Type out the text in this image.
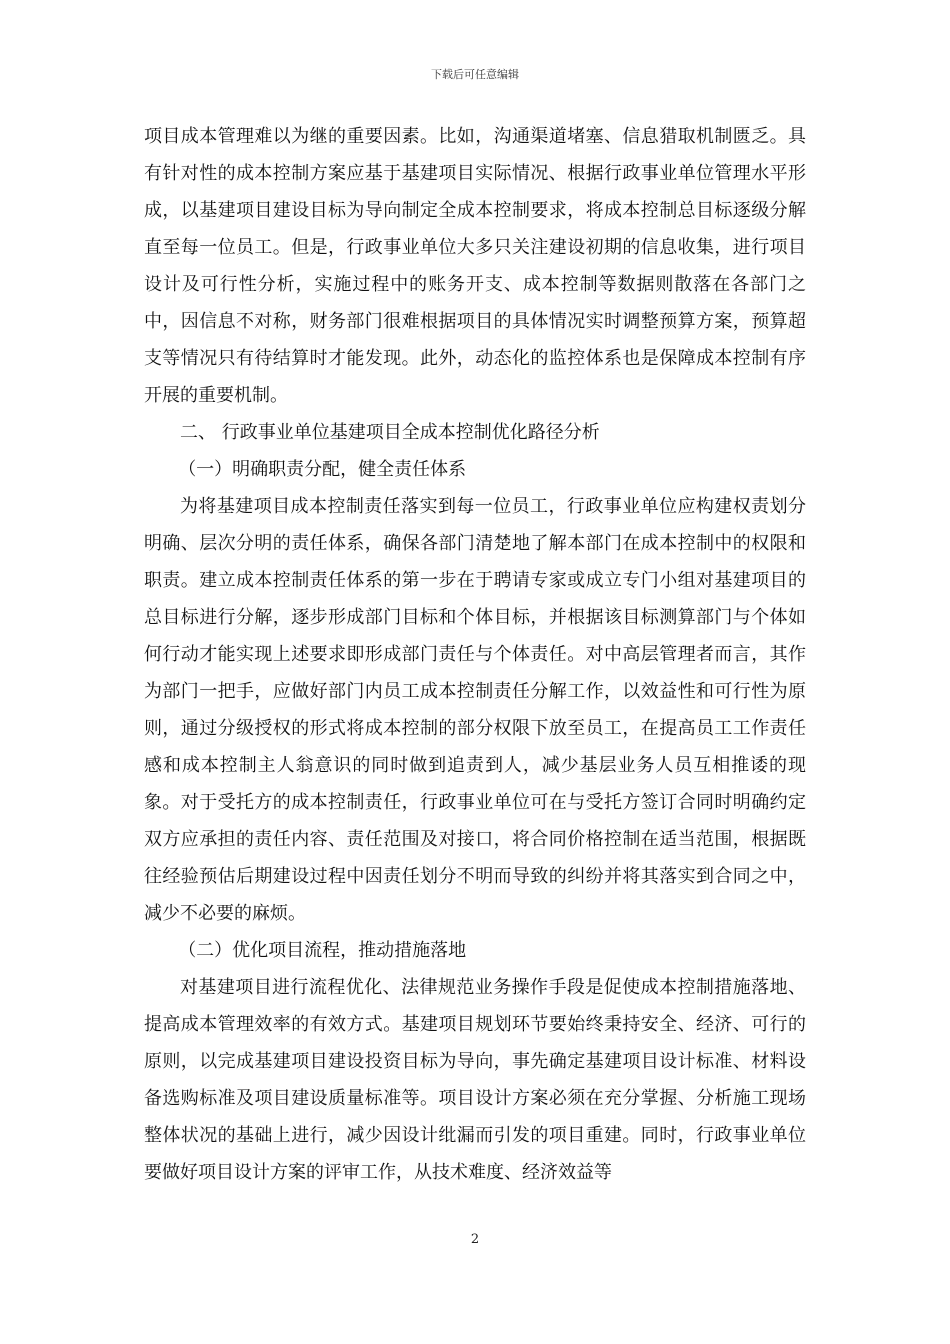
下载后可任意编辑

项目成本管理难以为继的重要因素。比如，沟通渠道堵塞、信息猎取机制匮乏。具有针对性的成本控制方案应基于基建项目实际情况、根据行政事业单位管理水平形成，以基建项目建设目标为导向制定全成本控制要求，将成本控制总目标逐级分解直至每一位员工。但是，行政事业单位大多只关注建设初期的信息收集，进行项目设计及可行性分析，实施过程中的账务开支、成本控制等数据则散落在各部门之中，因信息不对称，财务部门很难根据项目的具体情况实时调整预算方案，预算超支等情况只有待结算时才能发现。此外，动态化的监控体系也是保障成本控制有序开展的重要机制。

二、 行政事业单位基建项目全成本控制优化路径分析

（一）明确职责分配，健全责任体系

为将基建项目成本控制责任落实到每一位员工，行政事业单位应构建权责划分明确、层次分明的责任体系，确保各部门清楚地了解本部门在成本控制中的权限和职责。建立成本控制责任体系的第一步在于聘请专家或成立专门小组对基建项目的总目标进行分解，逐步形成部门目标和个体目标，并根据该目标测算部门与个体如何行动才能实现上述要求即形成部门责任与个体责任。对中高层管理者而言，其作为部门一把手，应做好部门内员工成本控制责任分解工作，以效益性和可行性为原则，通过分级授权的形式将成本控制的部分权限下放至员工，在提高员工工作责任感和成本控制主人翁意识的同时做到追责到人，减少基层业务人员互相推诿的现象。对于受托方的成本控制责任，行政事业单位可在与受托方签订合同时明确约定双方应承担的责任内容、责任范围及对接口，将合同价格控制在适当范围，根据既往经验预估后期建设过程中因责任划分不明而导致的纠纷并将其落实到合同之中，减少不必要的麻烦。

（二）优化项目流程，推动措施落地

对基建项目进行流程优化、法律规范业务操作手段是促使成本控制措施落地、提高成本管理效率的有效方式。基建项目规划环节要始终秉持安全、经济、可行的原则，以完成基建项目建设投资目标为导向，事先确定基建项目设计标准、材料设备选购标准及项目建设质量标准等。项目设计方案必须在充分掌握、分析施工现场整体状况的基础上进行，减少因设计纰漏而引发的项目重建。同时，行政事业单位要做好项目设计方案的评审工作，从技术难度、经济效益等

2
